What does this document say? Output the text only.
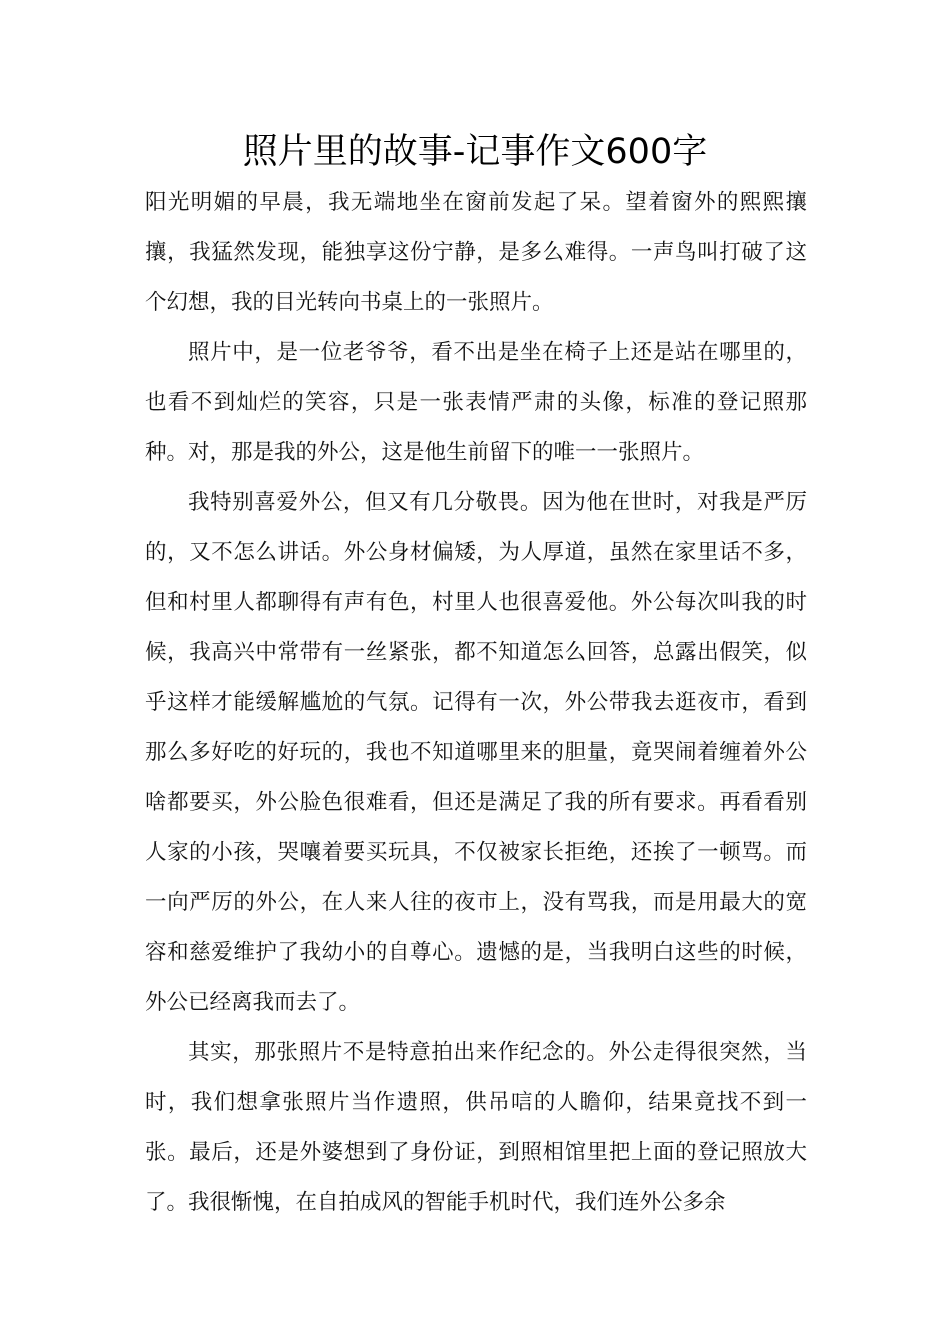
照片里的故事-记事作文600字

阳光明媚的早晨，我无端地坐在窗前发起了呆。望着窗外的熙熙攘攘，我猛然发现，能独享这份宁静，是多么难得。一声鸟叫打破了这个幻想，我的目光转向书桌上的一张照片。

照片中，是一位老爷爷，看不出是坐在椅子上还是站在哪里的，也看不到灿烂的笑容，只是一张表情严肃的头像，标准的登记照那种。对，那是我的外公，这是他生前留下的唯一一张照片。

我特别喜爱外公，但又有几分敬畏。因为他在世时，对我是严厉的，又不怎么讲话。外公身材偏矮，为人厚道，虽然在家里话不多，但和村里人都聊得有声有色，村里人也很喜爱他。外公每次叫我的时候，我高兴中常带有一丝紧张，都不知道怎么回答，总露出假笑，似乎这样才能缓解尴尬的气氛。记得有一次，外公带我去逛夜市，看到那么多好吃的好玩的，我也不知道哪里来的胆量，竟哭闹着缠着外公啥都要买，外公脸色很难看，但还是满足了我的所有要求。再看看别人家的小孩，哭嚷着要买玩具，不仅被家长拒绝，还挨了一顿骂。而一向严厉的外公，在人来人往的夜市上，没有骂我，而是用最大的宽容和慈爱维护了我幼小的自尊心。遗憾的是，当我明白这些的时候，外公已经离我而去了。

其实，那张照片不是特意拍出来作纪念的。外公走得很突然，当时，我们想拿张照片当作遗照，供吊唁的人瞻仰，结果竟找不到一张。最后，还是外婆想到了身份证，到照相馆里把上面的登记照放大了。我很惭愧，在自拍成风的智能手机时代，我们连外公多余
